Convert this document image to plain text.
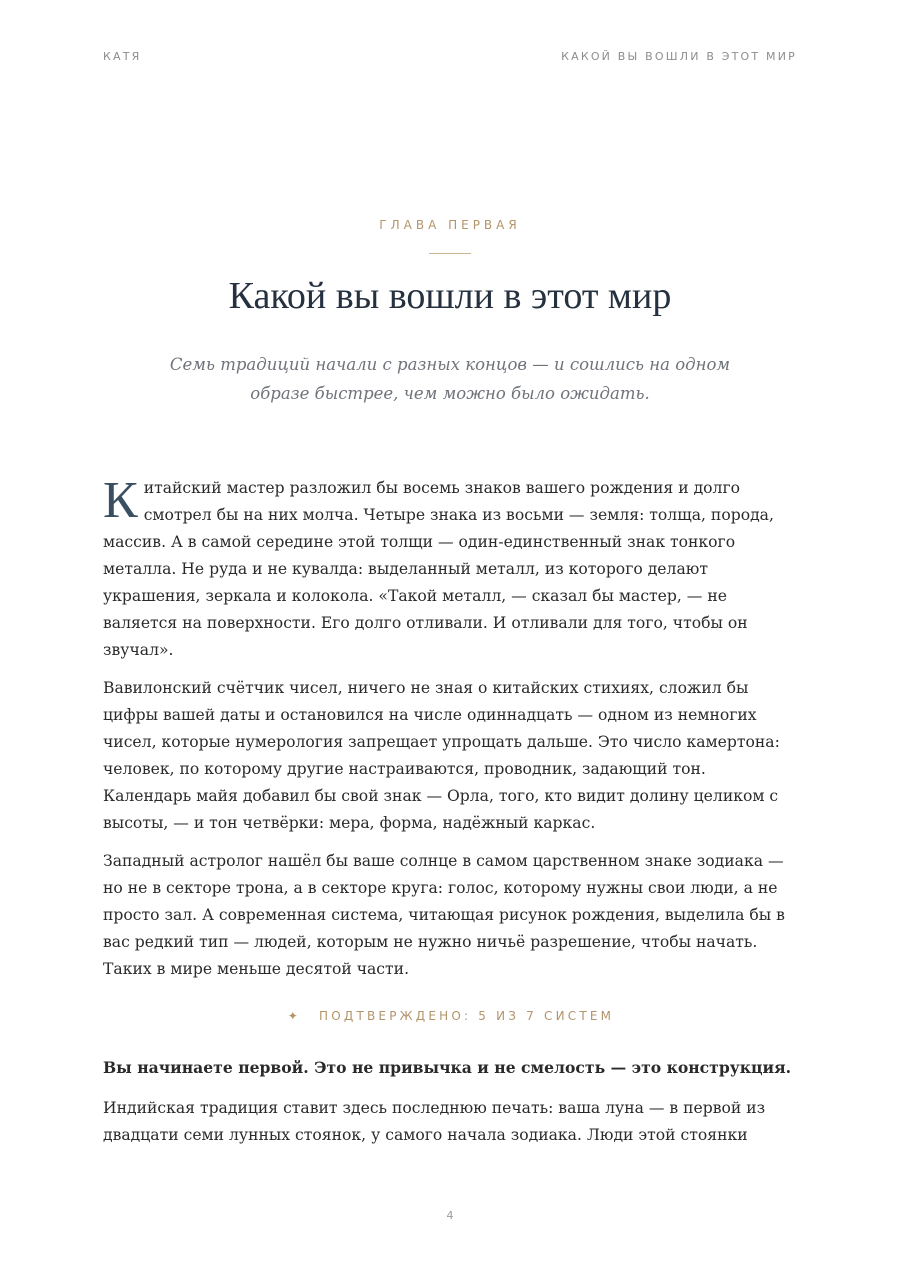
КАТЯ	КАКОЙ ВЫ ВОШЛИ В ЭТОТ МИР
ГЛАВА ПЕРВАЯ
Какой вы вошли в этот мир

Семь традиций начали с разных концов — и сошлись на одном образе быстрее, чем можно было ожидать.

Китайский мастер разложил бы восемь знаков вашего рождения и долго смотрел бы на них молча. Четыре знака из восьми — земля: толща, порода, массив. А в самой середине этой толщи — один-единственный знак тонкого металла. Не руда и не кувалда: выделанный металл, из которого делают украшения, зеркала и колокола. «Такой металл, — сказал бы мастер, — не валяется на поверхности. Его долго отливали. И отливали для того, чтобы он звучал».

Вавилонский счётчик чисел, ничего не зная о китайских стихиях, сложил бы цифры вашей даты и остановился на числе одиннадцать — одном из немногих чисел, которые нумерология запрещает упрощать дальше. Это число камертона: человек, по которому другие настраиваются, проводник, задающий тон. Календарь майя добавил бы свой знак — Орла, того, кто видит долину целиком с высоты, — и тон четвёрки: мера, форма, надёжный каркас.

Западный астролог нашёл бы ваше солнце в самом царственном знаке зодиака — но не в секторе трона, а в секторе круга: голос, которому нужны свои люди, а не просто зал. А современная система, читающая рисунок рождения, выделила бы в вас редкий тип — людей, которым не нужно ничьё разрешение, чтобы начать. Таких в мире меньше десятой части.

✦ ПОДТВЕРЖДЕНО: 5 ИЗ 7 СИСТЕМ

Вы начинаете первой. Это не привычка и не смелость — это конструкция.

Индийская традиция ставит здесь последнюю печать: ваша луна — в первой из двадцати семи лунных стоянок, у самого начала зодиака. Люди этой стоянки

4
